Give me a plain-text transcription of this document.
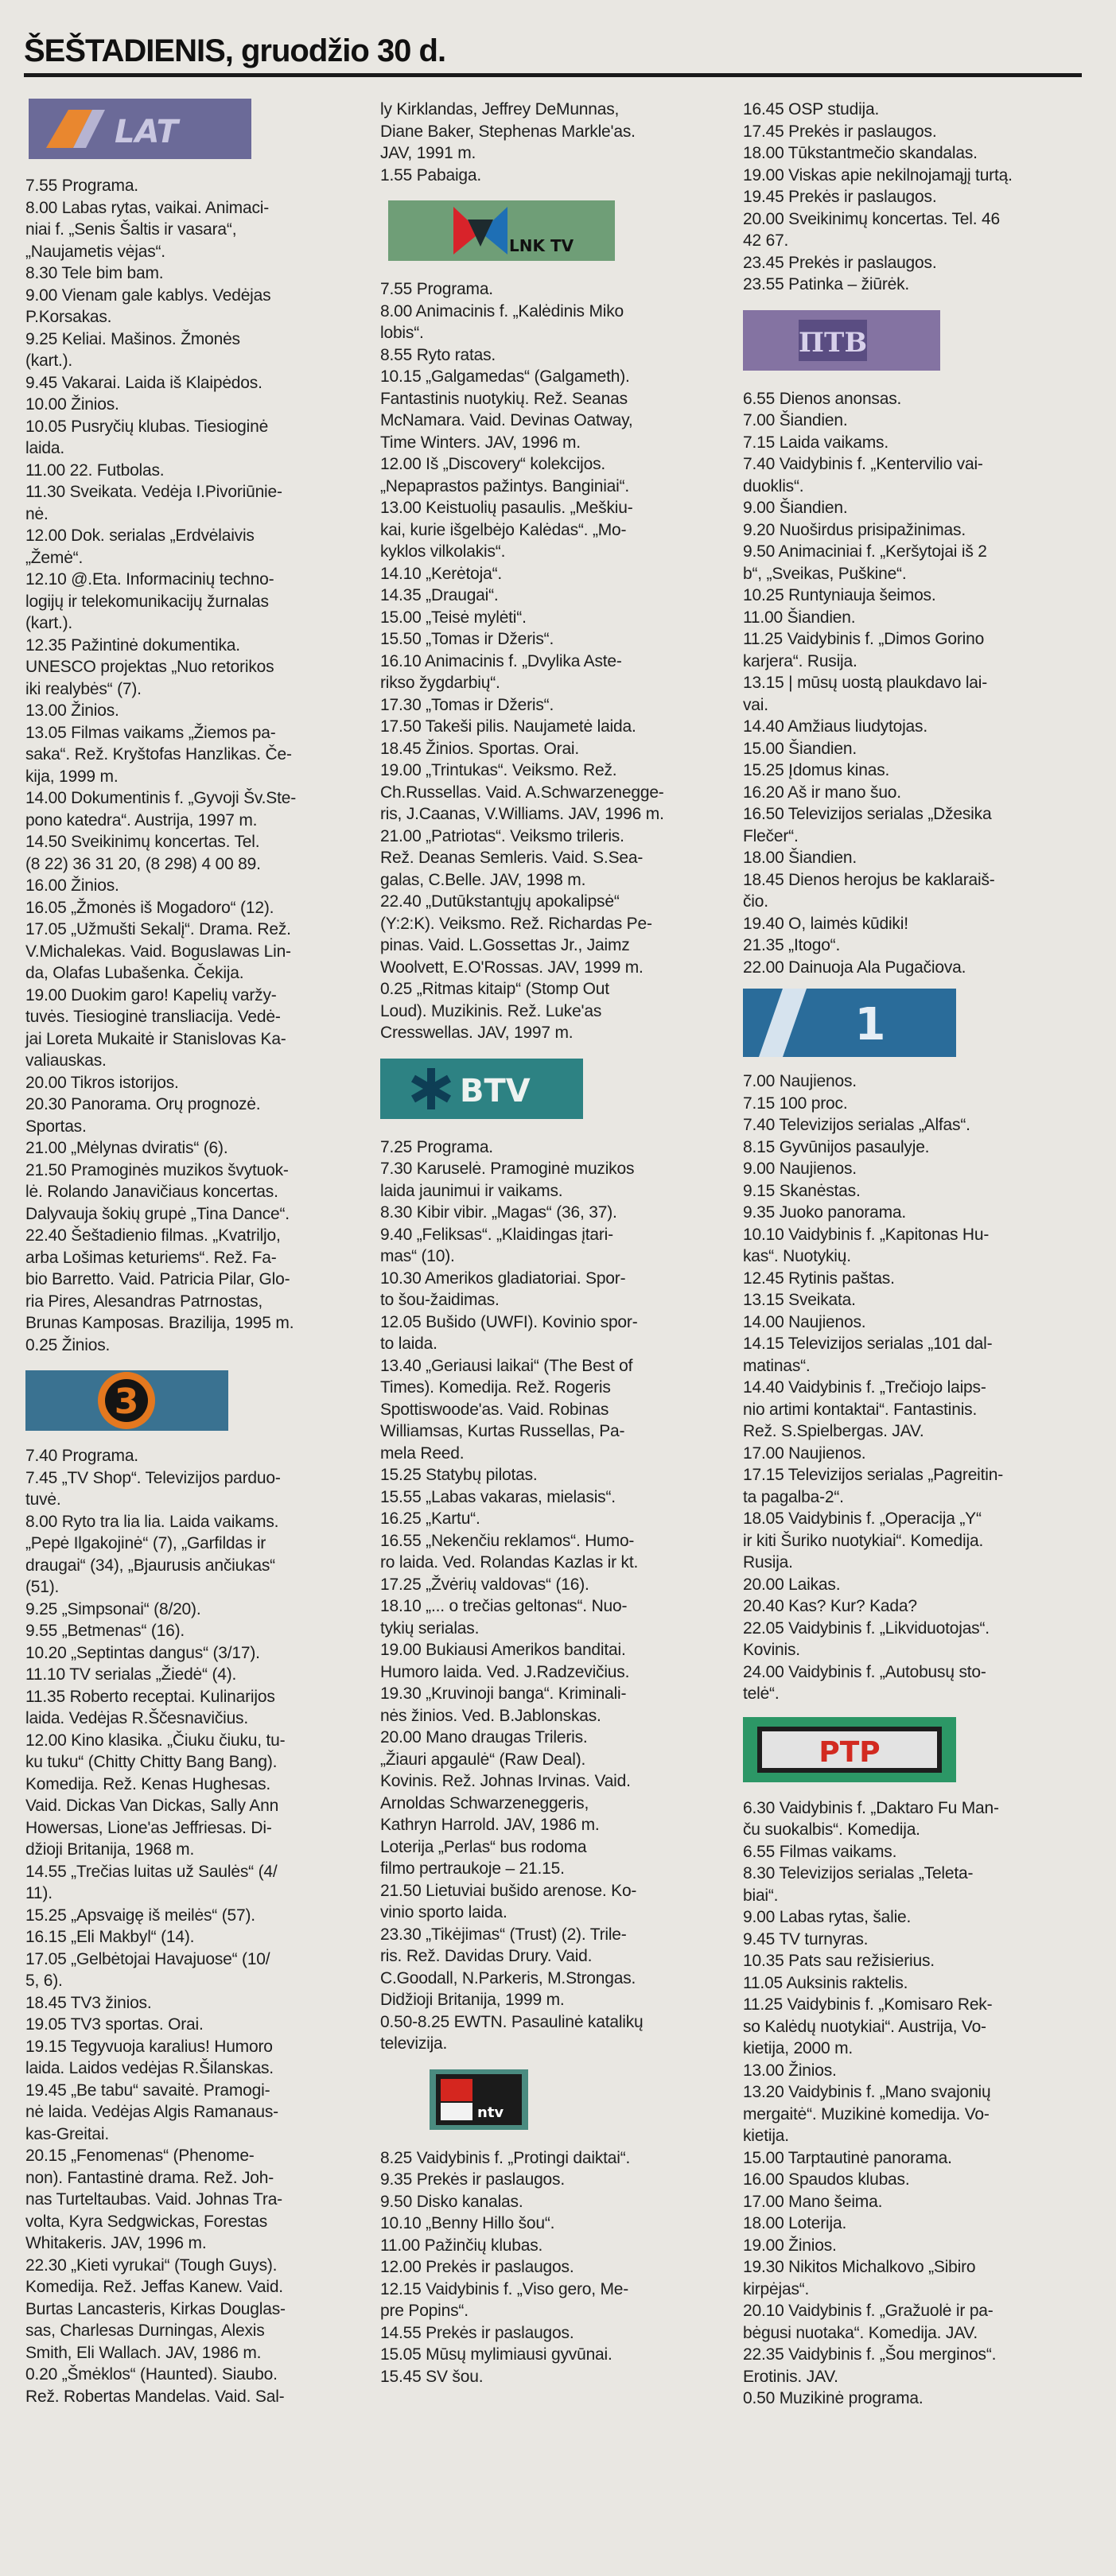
ŠEŠTADIENIS, gruodžio 30 d.
LAT
7.55 Programa.
8.00 Labas rytas, vaikai. Animaci-
niai f. „Senis Šaltis ir vasara“,
„Naujametis vėjas“.
8.30 Tele bim bam.
9.00 Vienam gale kablys. Vedėjas
P.Korsakas.
9.25 Keliai. Mašinos. Žmonės
(kart.).
9.45 Vakarai. Laida iš Klaipėdos.
10.00 Žinios.
10.05 Pusryčių klubas. Tiesioginė
laida.
11.00 22. Futbolas.
11.30 Sveikata. Vedėja I.Pivoriūnie-
nė.
12.00 Dok. serialas „Erdvėlaivis
„Žemė“.
12.10 @.Eta. Informacinių techno-
logijų ir telekomunikacijų žurnalas
(kart.).
12.35 Pažintinė dokumentika.
UNESCO projektas „Nuo retorikos
iki realybės“ (7).
13.00 Žinios.
13.05 Filmas vaikams „Žiemos pa-
saka“. Rež. Kryštofas Hanzlikas. Če-
kija, 1999 m.
14.00 Dokumentinis f. „Gyvoji Šv.Ste-
pono katedra“. Austrija, 1997 m.
14.50 Sveikinimų koncertas. Tel.
(8 22) 36 31 20, (8 298) 4 00 89.
16.00 Žinios.
16.05 „Žmonės iš Mogadoro“ (12).
17.05 „Užmušti Sekalį“. Drama. Rež.
V.Michalekas. Vaid. Boguslawas Lin-
da, Olafas Lubašenka. Čekija.
19.00 Duokim garo! Kapelių varžy-
tuvės. Tiesioginė transliacija. Vedė-
jai Loreta Mukaitė ir Stanislovas Ka-
valiauskas.
20.00 Tikros istorijos.
20.30 Panorama. Orų prognozė.
Sportas.
21.00 „Mėlynas dviratis“ (6).
21.50 Pramoginės muzikos švytuok-
lė. Rolando Janavičiaus koncertas.
Dalyvauja šokių grupė „Tina Dance“.
22.40 Šeštadienio filmas. „Kvatriljo,
arba Lošimas keturiems“. Rež. Fa-
bio Barretto. Vaid. Patricia Pilar, Glo-
ria Pires, Alesandras Patrnostas,
Brunas Kamposas. Brazilija, 1995 m.
0.25 Žinios.
3
7.40 Programa.
7.45 „TV Shop“. Televizijos parduo-
tuvė.
8.00 Ryto tra lia lia. Laida vaikams.
„Pepė Ilgakojinė“ (7), „Garfildas ir
draugai“ (34), „Bjaurusis ančiukas“
(51).
9.25 „Simpsonai“ (8/20).
9.55 „Betmenas“ (16).
10.20 „Septintas dangus“ (3/17).
11.10 TV serialas „Žiedė“ (4).
11.35 Roberto receptai. Kulinarijos
laida. Vedėjas R.Ščesnavičius.
12.00 Kino klasika. „Čiuku čiuku, tu-
ku tuku“ (Chitty Chitty Bang Bang).
Komedija. Rež. Kenas Hughesas.
Vaid. Dickas Van Dickas, Sally Ann
Howersas, Lione'as Jeffriesas. Di-
džioji Britanija, 1968 m.
14.55 „Trečias luitas už Saulės“ (4/
11).
15.25 „Apsvaigę iš meilės“ (57).
16.15 „Eli Makbyl“ (14).
17.05 „Gelbėtojai Havajuose“ (10/
5, 6).
18.45 TV3 žinios.
19.05 TV3 sportas. Orai.
19.15 Tegyvuoja karalius! Humoro
laida. Laidos vedėjas R.Šilanskas.
19.45 „Be tabu“ savaitė. Pramogi-
nė laida. Vedėjas Algis Ramanaus-
kas-Greitai.
20.15 „Fenomenas“ (Phenome-
non). Fantastinė drama. Rež. Joh-
nas Turteltaubas. Vaid. Johnas Tra-
volta, Kyra Sedgwickas, Forestas
Whitakeris. JAV, 1996 m.
22.30 „Kieti vyrukai“ (Tough Guys).
Komedija. Rež. Jeffas Kanew. Vaid.
Burtas Lancasteris, Kirkas Douglas-
sas, Charlesas Durningas, Alexis
Smith, Eli Wallach. JAV, 1986 m.
0.20 „Šmėklos“ (Haunted). Siaubo.
Rež. Robertas Mandelas. Vaid. Sal-
ly Kirklandas, Jeffrey DeMunnas,
Diane Baker, Stephenas Markle'as.
JAV, 1991 m.
1.55 Pabaiga.
LNK TV
7.55 Programa.
8.00 Animacinis f. „Kalėdinis Miko
lobis“.
8.55 Ryto ratas.
10.15 „Galgamedas“ (Galgameth).
Fantastinis nuotykių. Rež. Seanas
McNamara. Vaid. Devinas Oatway,
Time Winters. JAV, 1996 m.
12.00 Iš „Discovery“ kolekcijos.
„Nepaprastos pažintys. Banginiai“.
13.00 Keistuolių pasaulis. „Meškiu-
kai, kurie išgelbėjo Kalėdas“. „Mo-
kyklos vilkolakis“.
14.10 „Kerėtoja“.
14.35 „Draugai“.
15.00 „Teisė mylėti“.
15.50 „Tomas ir Džeris“.
16.10 Animacinis f. „Dvylika Aste-
rikso žygdarbių“.
17.30 „Tomas ir Džeris“.
17.50 Takeši pilis. Naujametė laida.
18.45 Žinios. Sportas. Orai.
19.00 „Trintukas“. Veiksmo. Rež.
Ch.Russellas. Vaid. A.Schwarzenegge-
ris, J.Caanas, V.Williams. JAV, 1996 m.
21.00 „Patriotas“. Veiksmo trileris.
Rež. Deanas Semleris. Vaid. S.Sea-
galas, C.Belle. JAV, 1998 m.
22.40 „Dutūkstantųjų apokalipsė“
(Y:2:K). Veiksmo. Rež. Richardas Pe-
pinas. Vaid. L.Gossettas Jr., Jaimz
Woolvett, E.O'Rossas. JAV, 1999 m.
0.25 „Ritmas kitaip“ (Stomp Out
Loud). Muzikinis. Rež. Luke'as
Cresswellas. JAV, 1997 m.
BTV
7.25 Programa.
7.30 Karuselė. Pramoginė muzikos
laida jaunimui ir vaikams.
8.30 Kibir vibir. „Magas“ (36, 37).
9.40 „Feliksas“. „Klaidingas įtari-
mas“ (10).
10.30 Amerikos gladiatoriai. Spor-
to šou-žaidimas.
12.05 Bušido (UWFI). Kovinio spor-
to laida.
13.40 „Geriausi laikai“ (The Best of
Times). Komedija. Rež. Rogeris
Spottiswoode'as. Vaid. Robinas
Williamsas, Kurtas Russellas, Pa-
mela Reed.
15.25 Statybų pilotas.
15.55 „Labas vakaras, mielasis“.
16.25 „Kartu“.
16.55 „Nekenčiu reklamos“. Humo-
ro laida. Ved. Rolandas Kazlas ir kt.
17.25 „Žvėrių valdovas“ (16).
18.10 „... o trečias geltonas“. Nuo-
tykių serialas.
19.00 Bukiausi Amerikos banditai.
Humoro laida. Ved. J.Radzevičius.
19.30 „Kruvinoji banga“. Kriminali-
nės žinios. Ved. B.Jablonskas.
20.00 Mano draugas Trileris.
„Žiauri apgaulė“ (Raw Deal).
Kovinis. Rež. Johnas Irvinas. Vaid.
Arnoldas Schwarzeneggeris,
Kathryn Harrold. JAV, 1986 m.
Loterija „Perlas“ bus rodoma
filmo pertraukoje – 21.15.
21.50 Lietuviai bušido arenose. Ko-
vinio sporto laida.
23.30 „Tikėjimas“ (Trust) (2). Trile-
ris. Rež. Davidas Drury. Vaid.
C.Goodall, N.Parkeris, M.Strongas.
Didžioji Britanija, 1999 m.
0.50-8.25 EWTN. Pasaulinė katalikų
televizija.
ntv
8.25 Vaidybinis f. „Protingi daiktai“.
9.35 Prekės ir paslaugos.
9.50 Disko kanalas.
10.10 „Benny Hillo šou“.
11.00 Pažinčių klubas.
12.00 Prekės ir paslaugos.
12.15 Vaidybinis f. „Viso gero, Me-
pre Popins“.
14.55 Prekės ir paslaugos.
15.05 Mūsų mylimiausi gyvūnai.
15.45 SV šou.
16.45 OSP studija.
17.45 Prekės ir paslaugos.
18.00 Tūkstantmečio skandalas.
19.00 Viskas apie nekilnojamąjį turtą.
19.45 Prekės ir paslaugos.
20.00 Sveikinimų koncertas. Tel. 46
42 67.
23.45 Prekės ir paslaugos.
23.55 Patinka – žiūrėk.
ПТВ
6.55 Dienos anonsas.
7.00 Šiandien.
7.15 Laida vaikams.
7.40 Vaidybinis f. „Kentervilio vai-
duoklis“.
9.00 Šiandien.
9.20 Nuoširdus prisipažinimas.
9.50 Animaciniai f. „Keršytojai iš 2
b“, „Sveikas, Puškine“.
10.25 Runtyniauja šeimos.
11.00 Šiandien.
11.25 Vaidybinis f. „Dimos Gorino
karjera“. Rusija.
13.15 | mūsų uostą plaukdavo lai-
vai.
14.40 Amžiaus liudytojas.
15.00 Šiandien.
15.25 Įdomus kinas.
16.20 Aš ir mano šuo.
16.50 Televizijos serialas „Džesika
Flečer“.
18.00 Šiandien.
18.45 Dienos herojus be kaklaraiš-
čio.
19.40 O, laimės kūdiki!
21.35 „Itogo“.
22.00 Dainuoja Ala Pugačiova.
1
7.00 Naujienos.
7.15 100 proc.
7.40 Televizijos serialas „Alfas“.
8.15 Gyvūnijos pasaulyje.
9.00 Naujienos.
9.15 Skanėstas.
9.35 Juoko panorama.
10.10 Vaidybinis f. „Kapitonas Hu-
kas“. Nuotykių.
12.45 Rytinis paštas.
13.15 Sveikata.
14.00 Naujienos.
14.15 Televizijos serialas „101 dal-
matinas“.
14.40 Vaidybinis f. „Trečiojo laips-
nio artimi kontaktai“. Fantastinis.
Rež. S.Spielbergas. JAV.
17.00 Naujienos.
17.15 Televizijos serialas „Pagreitin-
ta pagalba-2“.
18.05 Vaidybinis f. „Operacija „Y“
ir kiti Šuriko nuotykiai“. Komedija.
Rusija.
20.00 Laikas.
20.40 Kas? Kur? Kada?
22.05 Vaidybinis f. „Likviduotojas“.
Kovinis.
24.00 Vaidybinis f. „Autobusų sto-
telė“.
РТР
6.30 Vaidybinis f. „Daktaro Fu Man-
ču suokalbis“. Komedija.
6.55 Filmas vaikams.
8.30 Televizijos serialas „Teleta-
biai“.
9.00 Labas rytas, šalie.
9.45 TV turnyras.
10.35 Pats sau režisierius.
11.05 Auksinis raktelis.
11.25 Vaidybinis f. „Komisaro Rek-
so Kalėdų nuotykiai“. Austrija, Vo-
kietija, 2000 m.
13.00 Žinios.
13.20 Vaidybinis f. „Mano svajonių
mergaitė“. Muzikinė komedija. Vo-
kietija.
15.00 Tarptautinė panorama.
16.00 Spaudos klubas.
17.00 Mano šeima.
18.00 Loterija.
19.00 Žinios.
19.30 Nikitos Michalkovo „Sibiro
kirpėjas“.
20.10 Vaidybinis f. „Gražuolė ir pa-
bėgusi nuotaka“. Komedija. JAV.
22.35 Vaidybinis f. „Šou merginos“.
Erotinis. JAV.
0.50 Muzikinė programa.
